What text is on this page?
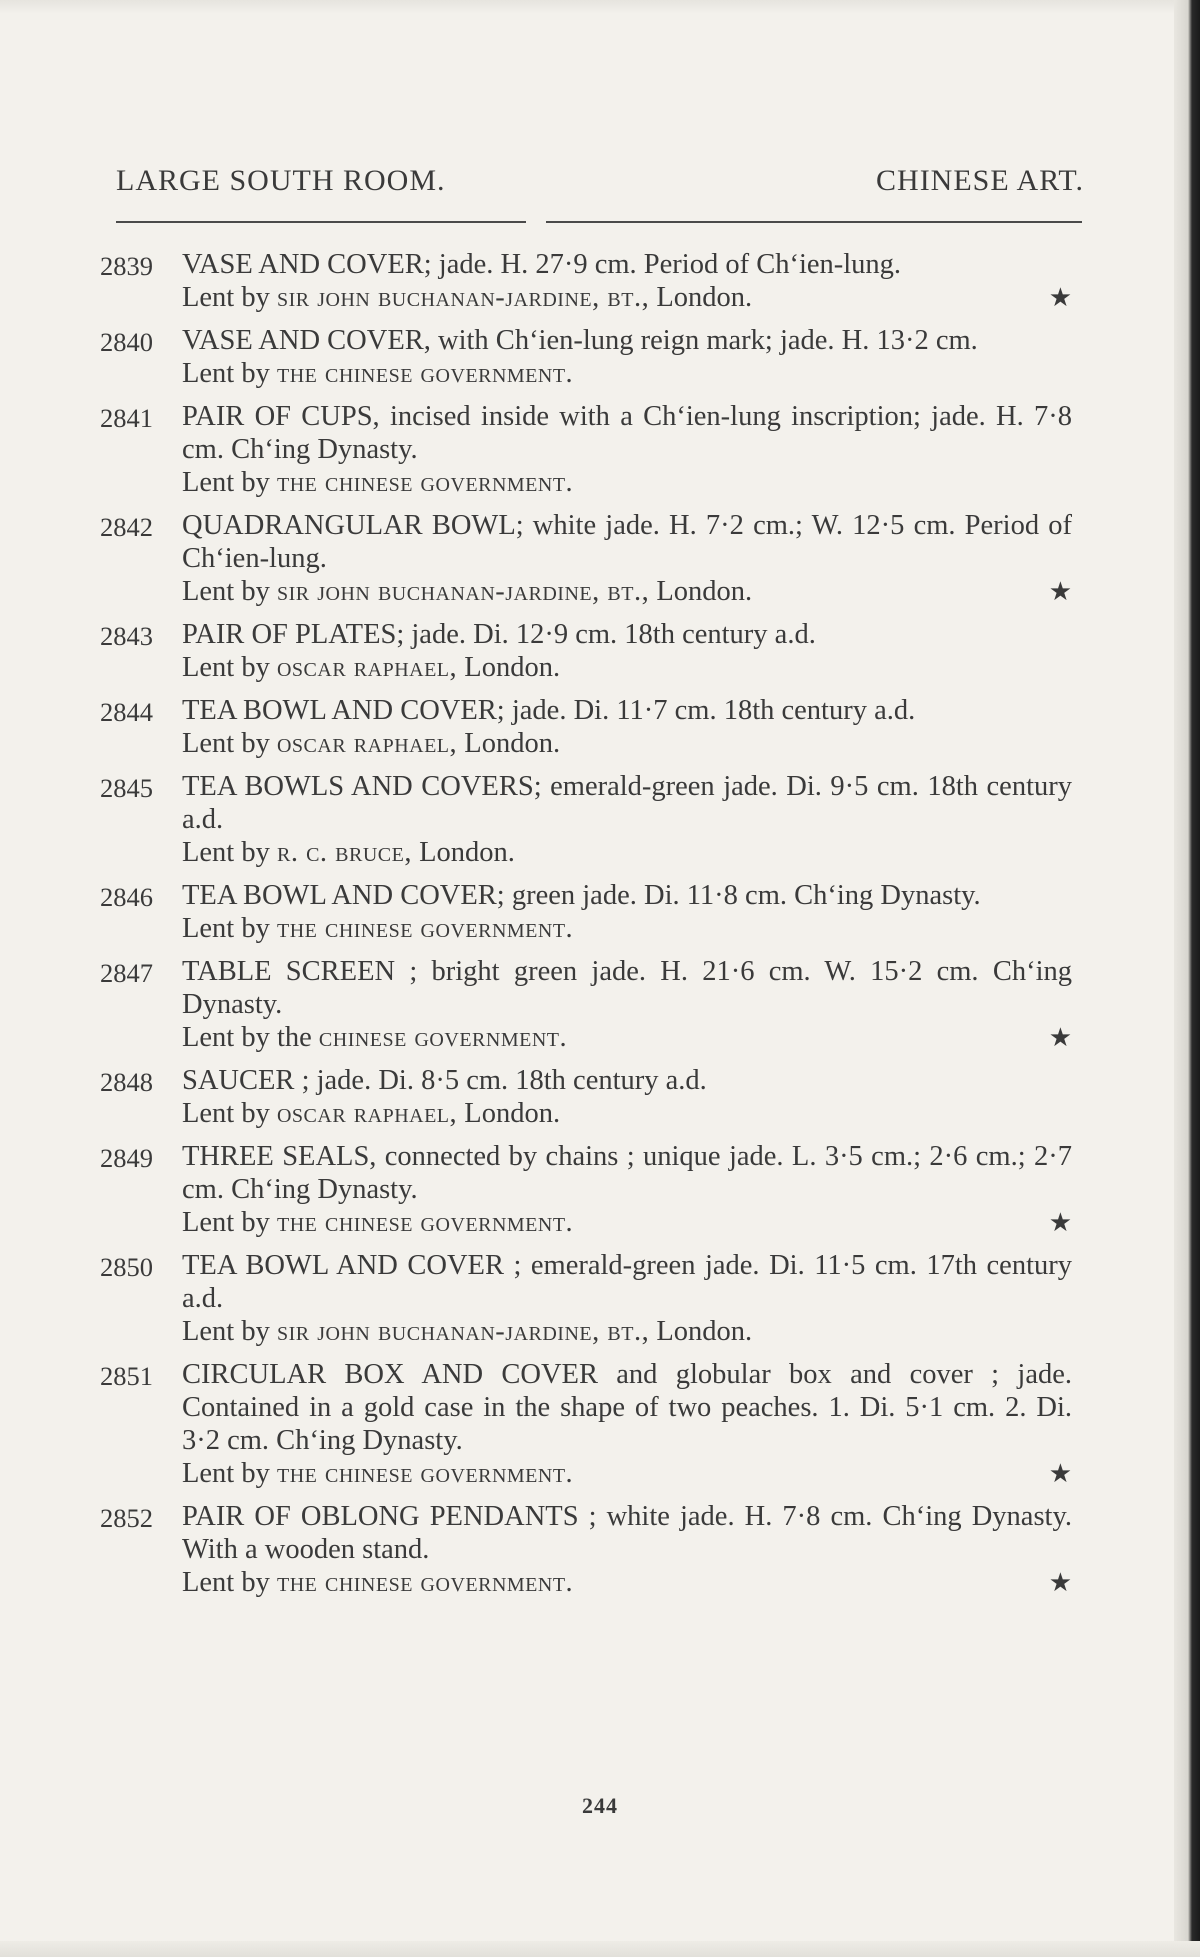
LARGE SOUTH ROOM.	CHINESE ART.
2839 VASE AND COVER; jade. H. 27·9 cm. Period of Ch‘ien-lung.
★
Lent by sir john buchanan-jardine, bt., London.
2840 VASE AND COVER, with Ch‘ien-lung reign mark; jade. H. 13·2 cm.
Lent by the chinese government.
2841 PAIR OF CUPS, incised inside with a Ch‘ien-lung inscription; jade. H. 7·8 cm. Ch‘ing Dynasty.
Lent by the chinese government.
2842 QUADRANGULAR BOWL; white jade. H. 7·2 cm.; W. 12·5 cm. Period of Ch‘ien-lung.
★
Lent by sir john buchanan-jardine, bt., London.
2843 PAIR OF PLATES; jade. Di. 12·9 cm. 18th century a.d.
Lent by oscar raphael, London.
2844 TEA BOWL AND COVER; jade. Di. 11·7 cm. 18th century a.d.
Lent by oscar raphael, London.
2845 TEA BOWLS AND COVERS; emerald-green jade. Di. 9·5 cm. 18th century a.d.
Lent by r. c. bruce, London.
2846 TEA BOWL AND COVER; green jade. Di. 11·8 cm. Ch‘ing Dynasty.
Lent by the chinese government.
2847 TABLE SCREEN ; bright green jade. H. 21·6 cm. W. 15·2 cm. Ch‘ing Dynasty.
★
Lent by the chinese government.
2848 SAUCER ; jade. Di. 8·5 cm. 18th century a.d.
Lent by oscar raphael, London.
2849 THREE SEALS, connected by chains ; unique jade. L. 3·5 cm.; 2·6 cm.; 2·7 cm. Ch‘ing Dynasty.
★
Lent by the chinese government.
2850 TEA BOWL AND COVER ; emerald-green jade. Di. 11·5 cm. 17th century a.d.
Lent by sir john buchanan-jardine, bt., London.
2851 CIRCULAR BOX AND COVER and globular box and cover ; jade. Contained in a gold case in the shape of two peaches. 1. Di. 5·1 cm. 2. Di. 3·2 cm. Ch‘ing Dynasty.
★
Lent by the chinese government.
2852 PAIR OF OBLONG PENDANTS ; white jade. H. 7·8 cm. Ch‘ing Dynasty. With a wooden stand.
★
Lent by the chinese government.
244
